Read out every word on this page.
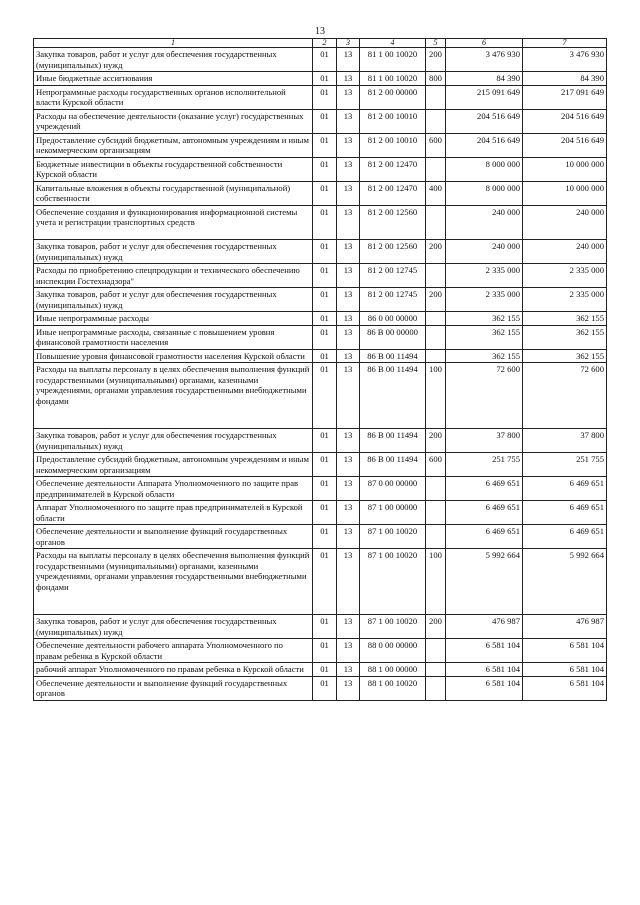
13
1	2	3	4	5	6	7
Закупка товаров, работ и услуг для обеспечения государственных (муниципальных) нужд	01	13	81 1 00 10020	200	3 476 930	3 476 930
Иные бюджетные ассигнования	01	13	81 1 00 10020	800	84 390	84 390
Непрограммные расходы государственных органов исполнительной власти Курской области	01	13	81 2 00 00000		215 091 649	217 091 649
Расходы на обеспечение деятельности (оказание услуг) государственных учреждений	01	13	81 2 00 10010		204 516 649	204 516 649
Предоставление субсидий бюджетным, автономным учреждениям и иным некоммерческим организациям	01	13	81 2 00 10010	600	204 516 649	204 516 649
Бюджетные инвестиции в объекты государственной собственности Курской области	01	13	81 2 00 12470		8 000 000	10 000 000
Капитальные вложения в объекты государственной (муниципальной) собственности	01	13	81 2 00 12470	400	8 000 000	10 000 000
Обеспечение создания и функционирования информационной системы учета и регистрации транспортных средств	01	13	81 2 00 12560		240 000	240 000
Закупка товаров, работ и услуг для обеспечения государственных (муниципальных) нужд	01	13	81 2 00 12560	200	240 000	240 000
Расходы по приобретению спецпродукции и технического обеспечению инспекции Гостехнадзора"	01	13	81 2 00 12745		2 335 000	2 335 000
Закупка товаров, работ и услуг для обеспечения государственных (муниципальных) нужд	01	13	81 2 00 12745	200	2 335 000	2 335 000
Иные непрограммные расходы	01	13	86 0 00 00000		362 155	362 155
Иные непрограммные расходы, связанные с повышением уровня финансовой грамотности населения	01	13	86 В 00 00000		362 155	362 155
Повышение уровня финансовой грамотности населения Курской области	01	13	86 В 00 11494		362 155	362 155
Расходы на выплаты персоналу в целях обеспечения выполнения функций государственными (муниципальными) органами, казенными учреждениями, органами управления государственными внебюджетными фондами	01	13	86 В 00 11494	100	72 600	72 600
Закупка товаров, работ и услуг для обеспечения государственных (муниципальных) нужд	01	13	86 В 00 11494	200	37 800	37 800
Предоставление субсидий бюджетным, автономным учреждениям и иным некоммерческим организациям	01	13	86 В 00 11494	600	251 755	251 755
Обеспечение деятельности Аппарата Уполномоченного по защите прав предпринимателей в Курской области	01	13	87 0 00 00000		6 469 651	6 469 651
Аппарат Уполномоченного по защите прав предпринимателей в Курской области	01	13	87 1 00 00000		6 469 651	6 469 651
Обеспечение деятельности и выполнение функций государственных органов	01	13	87 1 00 10020		6 469 651	6 469 651
Расходы на выплаты персоналу в целях обеспечения выполнения функций государственными (муниципальными) органами, казенными учреждениями, органами управления государственными внебюджетными фондами	01	13	87 1 00 10020	100	5 992 664	5 992 664
Закупка товаров, работ и услуг для обеспечения государственных (муниципальных) нужд	01	13	87 1 00 10020	200	476 987	476 987
Обеспечение деятельности рабочего аппарата Уполномоченного по правам ребенка в Курской области	01	13	88 0 00 00000		6 581 104	6 581 104
рабочий аппарат Уполномоченного по правам ребенка в Курской области	01	13	88 1 00 00000		6 581 104	6 581 104
Обеспечение деятельности и выполнение функций государственных органов	01	13	88 1 00 10020		6 581 104	6 581 104
